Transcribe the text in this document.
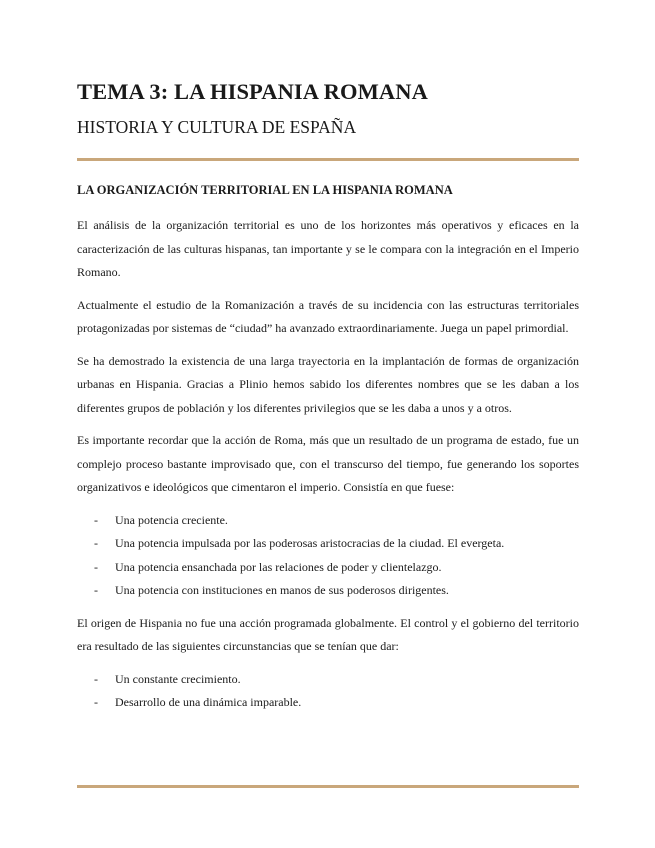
TEMA 3: LA HISPANIA ROMANA
HISTORIA Y CULTURA DE ESPAÑA
LA ORGANIZACIÓN TERRITORIAL EN LA HISPANIA ROMANA

El análisis de la organización territorial es uno de los horizontes más operativos y eficaces en la caracterización de las culturas hispanas, tan importante y se le compara con la integración en el Imperio Romano.

Actualmente el estudio de la Romanización a través de su incidencia con las estructuras territoriales protagonizadas por sistemas de “ciudad” ha avanzado extraordinariamente. Juega un papel primordial.

Se ha demostrado la existencia de una larga trayectoria en la implantación de formas de organización urbanas en Hispania. Gracias a Plinio hemos sabido los diferentes nombres que se les daban a los diferentes grupos de población y los diferentes privilegios que se les daba a unos y a otros.

Es importante recordar que la acción de Roma, más que un resultado de un programa de estado, fue un complejo proceso bastante improvisado que, con el transcurso del tiempo, fue generando los soportes organizativos e ideológicos que cimentaron el imperio. Consistía en que fuese:

- Una potencia creciente.
- Una potencia impulsada por las poderosas aristocracias de la ciudad. El evergeta.
- Una potencia ensanchada por las relaciones de poder y clientelazgo.
- Una potencia con instituciones en manos de sus poderosos dirigentes.

El origen de Hispania no fue una acción programada globalmente. El control y el gobierno del territorio era resultado de las siguientes circunstancias que se tenían que dar:

- Un constante crecimiento.
- Desarrollo de una dinámica imparable.
